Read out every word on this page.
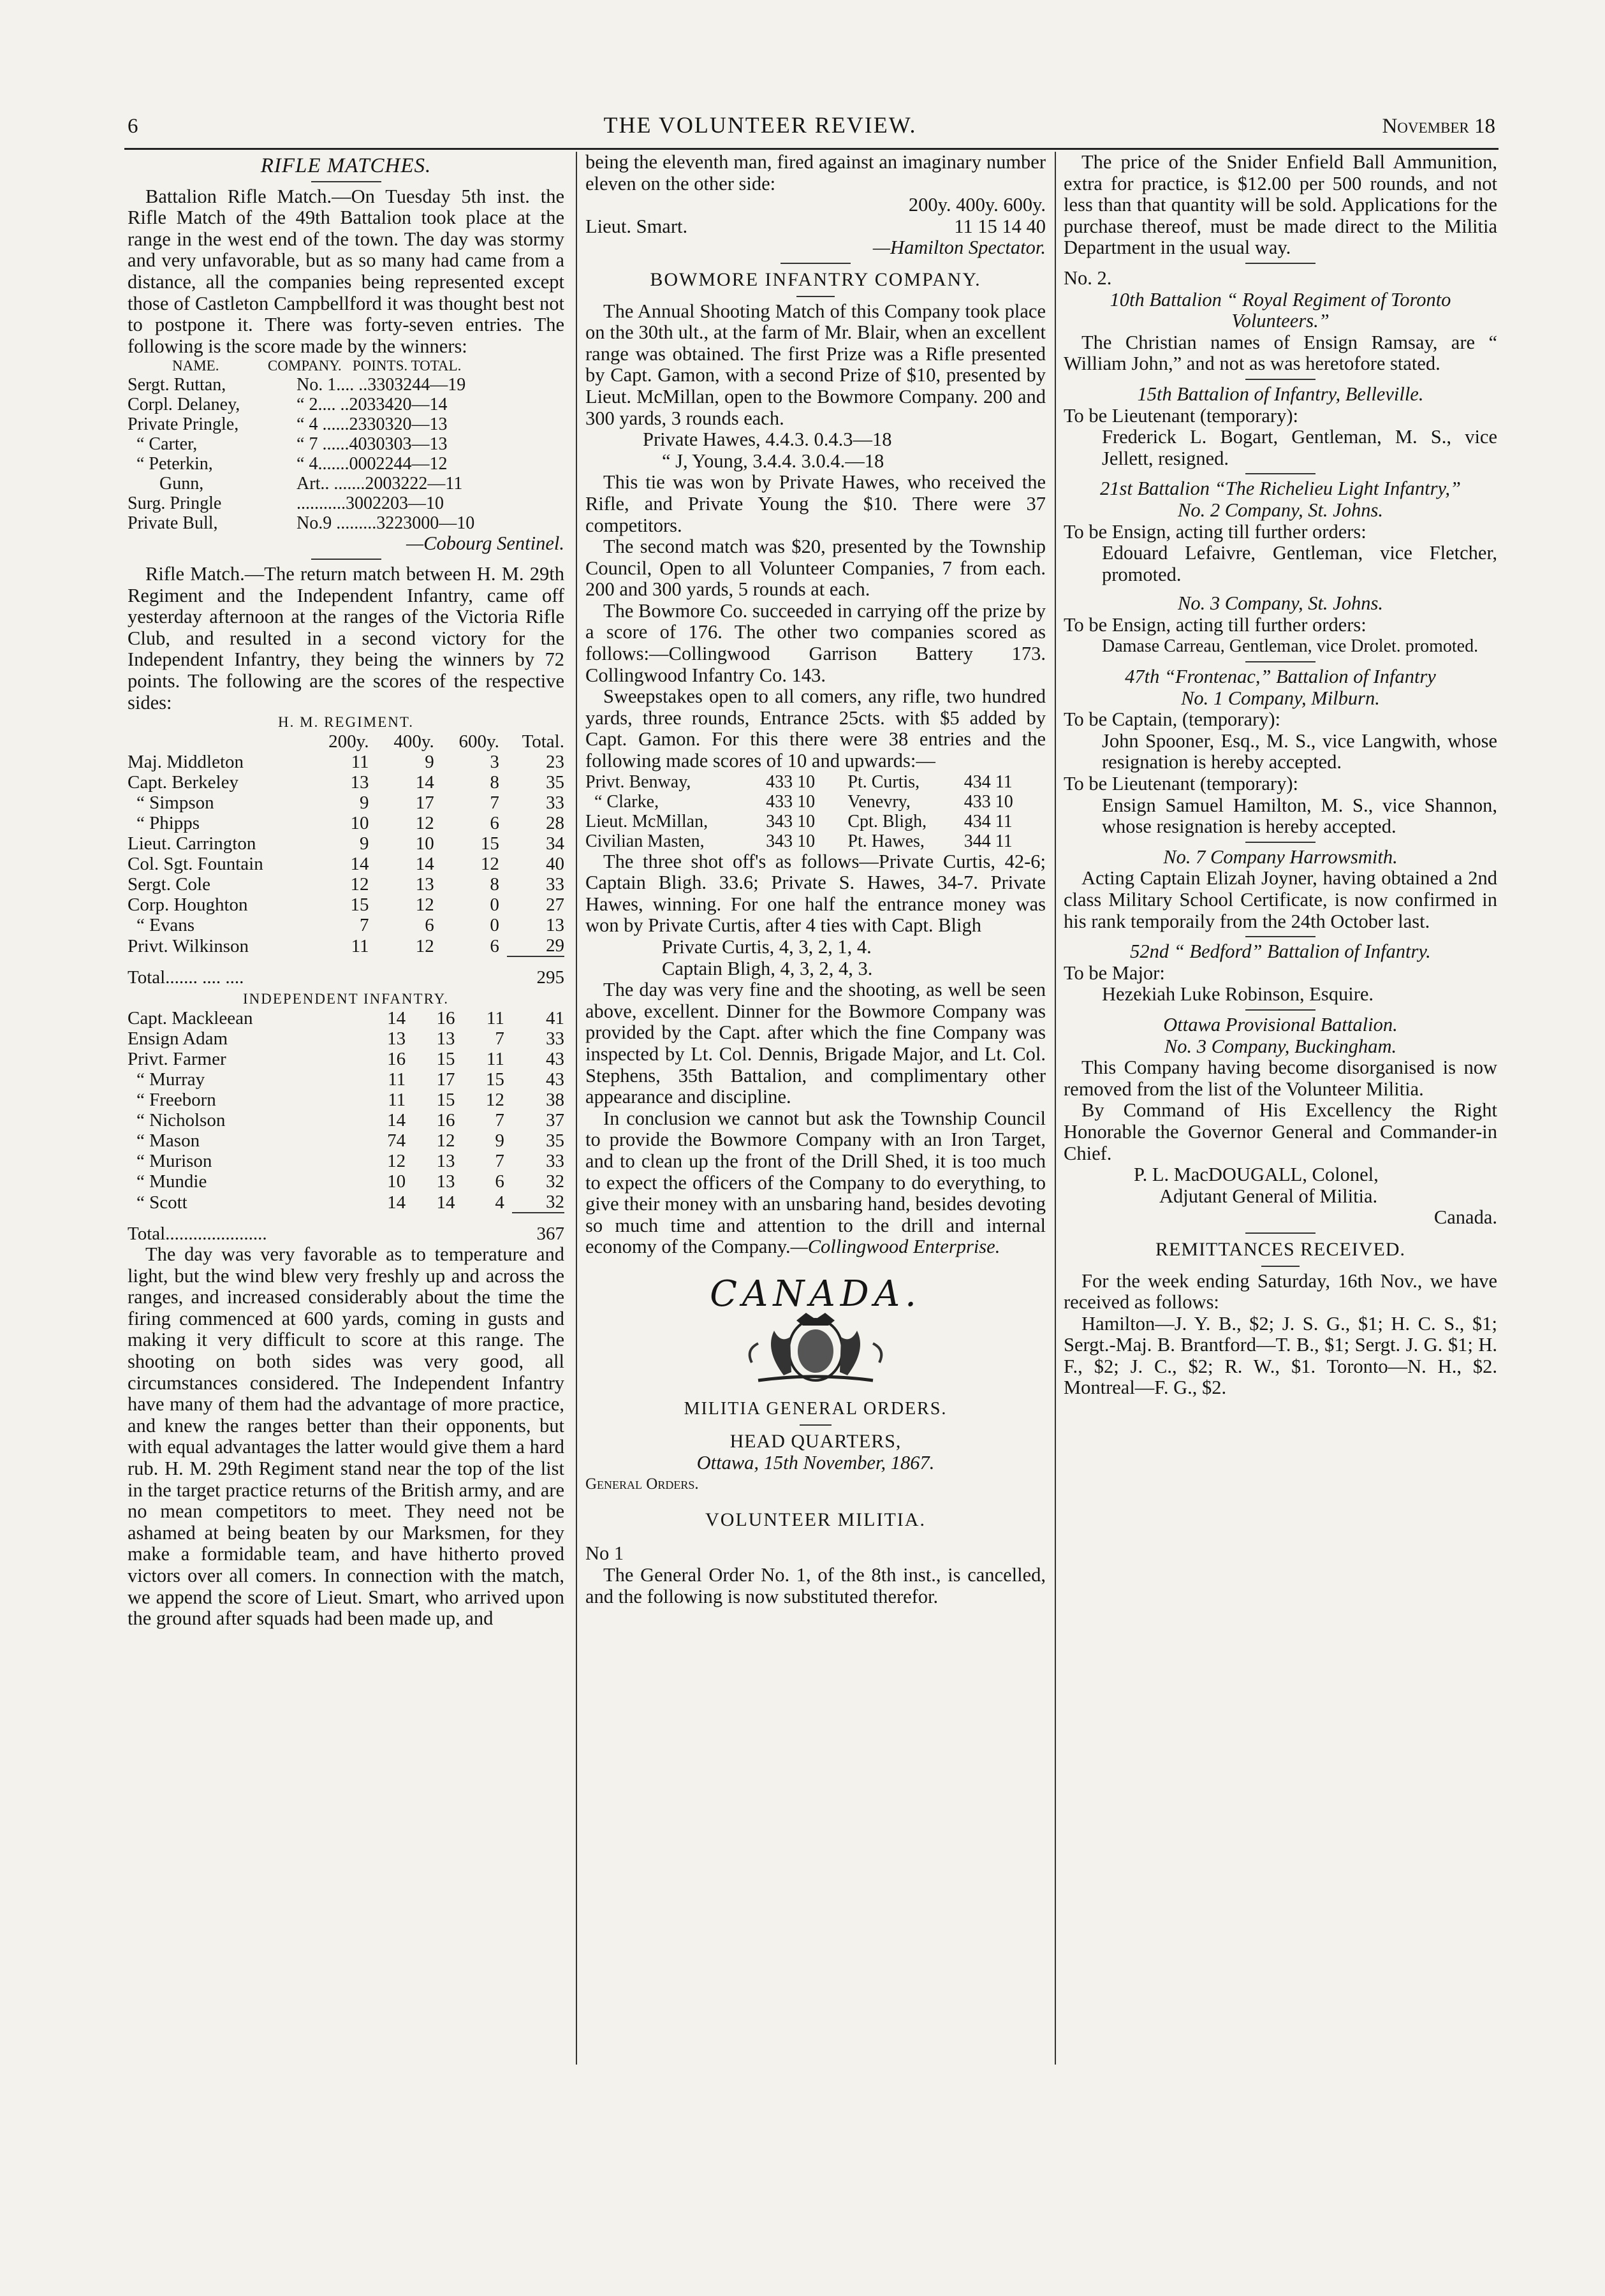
6	THE VOLUNTEER REVIEW.	November 18
RIFLE MATCHES.

Battalion Rifle Match.—On Tuesday 5th inst. the Rifle Match of the 49th Battalion took place at the range in the west end of the town. The day was stormy and very unfavorable, but as so many had came from a distance, all the companies being represented except those of Castleton Campbellford it was thought best not to postpone it. There was forty-seven entries. The following is the score made by the winners:

NAME.	COMPANY. POINTS. TOTAL.
Sergt. Ruttan,	No. 1.... ..3303244—19
Corpl. Delaney,	“ 2.... ..2033420—14
Private Pringle,	“ 4 ......2330320—13
“ Carter,	“ 7 ......4030303—13
“ Peterkin,	“ 4.......0002244—12
Gunn,	Art.. .......2003222—11
Surg. Pringle	...........3002203—10
Private Bull,	No.9 .........3223000—10

—Cobourg Sentinel.

Rifle Match.—The return match between H. M. 29th Regiment and the Independent Infantry, came off yesterday afternoon at the ranges of the Victoria Rifle Club, and resulted in a second victory for the Independent Infantry, they being the winners by 72 points. The following are the scores of the respective sides:

H. M. REGIMENT.
	200y.	400y.	600y.	Total.
Maj. Middleton	11	9	3	23
Capt. Berkeley	13	14	8	35
“ Simpson	9	17	7	33
“ Phipps	10	12	6	28
Lieut. Carrington	9	10	15	34
Col. Sgt. Fountain	14	14	12	40
Sergt. Cole	12	13	8	33
Corp. Houghton	15	12	0	27
“ Evans	7	6	0	13
Privt. Wilkinson	11	12	6	29
Total....... .... ....				295
INDEPENDENT INFANTRY.
Capt. Mackleean	14	16	11	41
Ensign Adam	13	13	7	33
Privt. Farmer	16	15	11	43
“ Murray	11	17	15	43
“ Freeborn	11	15	12	38
“ Nicholson	14	16	7	37
“ Mason	74	12	9	35
“ Murison	12	13	7	33
“ Mundie	10	13	6	32
“ Scott	14	14	4	32
Total......................				367

The day was very favorable as to temperature and light, but the wind blew very freshly up and across the ranges, and increased considerably about the time the firing commenced at 600 yards, coming in gusts and making it very difficult to score at this range. The shooting on both sides was very good, all circumstances considered. The Independent Infantry have many of them had the advantage of more practice, and knew the ranges better than their opponents, but with equal advantages the latter would give them a hard rub. H. M. 29th Regiment stand near the top of the list in the target practice returns of the British army, and are no mean competitors to meet. They need not be ashamed at being beaten by our Marksmen, for they make a formidable team, and have hitherto proved victors over all comers. In connection with the match, we append the score of Lieut. Smart, who arrived upon the ground after squads had been made up, and

being the eleventh man, fired against an imaginary number eleven on the other side:

200y. 400y. 600y.

Lieut. Smart.	11 15 14 40

—Hamilton Spectator.

BOWMORE INFANTRY COMPANY.

The Annual Shooting Match of this Company took place on the 30th ult., at the farm of Mr. Blair, when an excellent range was obtained. The first Prize was a Rifle presented by Capt. Gamon, with a second Prize of $10, presented by Lieut. McMillan, open to the Bowmore Company. 200 and 300 yards, 3 rounds each.

Private Hawes, 4.4.3. 0.4.3—18

“ J, Young, 3.4.4. 3.0.4.—18

This tie was won by Private Hawes, who received the Rifle, and Private Young the $10. There were 37 competitors.

The second match was $20, presented by the Township Council, Open to all Volunteer Companies, 7 from each. 200 and 300 yards, 5 rounds at each.

The Bowmore Co. succeeded in carrying off the prize by a score of 176. The other two companies scored as follows:—Collingwood Garrison Battery 173. Collingwood Infantry Co. 143.

Sweepstakes open to all comers, any rifle, two hundred yards, three rounds, Entrance 25cts. with $5 added by Capt. Gamon. For this there were 38 entries and the following made scores of 10 and upwards:—

Privt. Benway,	433 10	Pt. Curtis,	434 11
“ Clarke,	433 10	Venevry,	433 10
Lieut. McMillan,	343 10	Cpt. Bligh,	434 11
Civilian Masten,	343 10	Pt. Hawes,	344 11

The three shot off's as follows—Private Curtis, 42-6; Captain Bligh. 33.6; Private S. Hawes, 34-7. Private Hawes, winning. For one half the entrance money was won by Private Curtis, after 4 ties with Capt. Bligh

Private Curtis, 4, 3, 2, 1, 4.

Captain Bligh, 4, 3, 2, 4, 3.

The day was very fine and the shooting, as well be seen above, excellent. Dinner for the Bowmore Company was provided by the Capt. after which the fine Company was inspected by Lt. Col. Dennis, Brigade Major, and Lt. Col. Stephens, 35th Battalion, and complimentary other appearance and discipline.

In conclusion we cannot but ask the Township Council to provide the Bowmore Company with an Iron Target, and to clean up the front of the Drill Shed, it is too much to expect the officers of the Company to do everything, to give their money with an unsbaring hand, besides devoting so much time and attention to the drill and internal economy of the Company.—Collingwood Enterprise.

CANADA.
MILITIA GENERAL ORDERS.
HEAD QUARTERS,

Ottawa, 15th November, 1867.

General Orders.

VOLUNTEER MILITIA.

No 1

The General Order No. 1, of the 8th inst., is cancelled, and the following is now substituted therefor.

The price of the Snider Enfield Ball Ammunition, extra for practice, is $12.00 per 500 rounds, and not less than that quantity will be sold. Applications for the purchase thereof, must be made direct to the Militia Department in the usual way.

No. 2.

10th Battalion “ Royal Regiment of Toronto Volunteers.”

The Christian names of Ensign Ramsay, are “ William John,” and not as was heretofore stated.

15th Battalion of Infantry, Belleville.

To be Lieutenant (temporary):

Frederick L. Bogart, Gentleman, M. S., vice Jellett, resigned.

21st Battalion “The Richelieu Light Infantry,”

No. 2 Company, St. Johns.

To be Ensign, acting till further orders:

Edouard Lefaivre, Gentleman, vice Fletcher, promoted.

No. 3 Company, St. Johns.

To be Ensign, acting till further orders:

Damase Carreau, Gentleman, vice Drolet. promoted.

47th “Frontenac,” Battalion of Infantry

No. 1 Company, Milburn.

To be Captain, (temporary):

John Spooner, Esq., M. S., vice Langwith, whose resignation is hereby accepted.

To be Lieutenant (temporary):

Ensign Samuel Hamilton, M. S., vice Shannon, whose resignation is hereby accepted.

No. 7 Company Harrowsmith.

Acting Captain Elizah Joyner, having obtained a 2nd class Military School Certificate, is now confirmed in his rank temporaily from the 24th October last.

52nd “ Bedford” Battalion of Infantry.

To be Major:

Hezekiah Luke Robinson, Esquire.

Ottawa Provisional Battalion.

No. 3 Company, Buckingham.

This Company having become disorganised is now removed from the list of the Volunteer Militia.

By Command of His Excellency the Right Honorable the Governor General and Commander-in Chief.

P. L. MacDOUGALL, Colonel,

Adjutant General of Militia.

Canada.

REMITTANCES RECEIVED.

For the week ending Saturday, 16th Nov., we have received as follows:

Hamilton—J. Y. B., $2; J. S. G., $1; H. C. S., $1; Sergt.-Maj. B. Brantford—T. B., $1; Sergt. J. G. $1; H. F., $2; J. C., $2; R. W., $1. Toronto—N. H., $2. Montreal—F. G., $2.
